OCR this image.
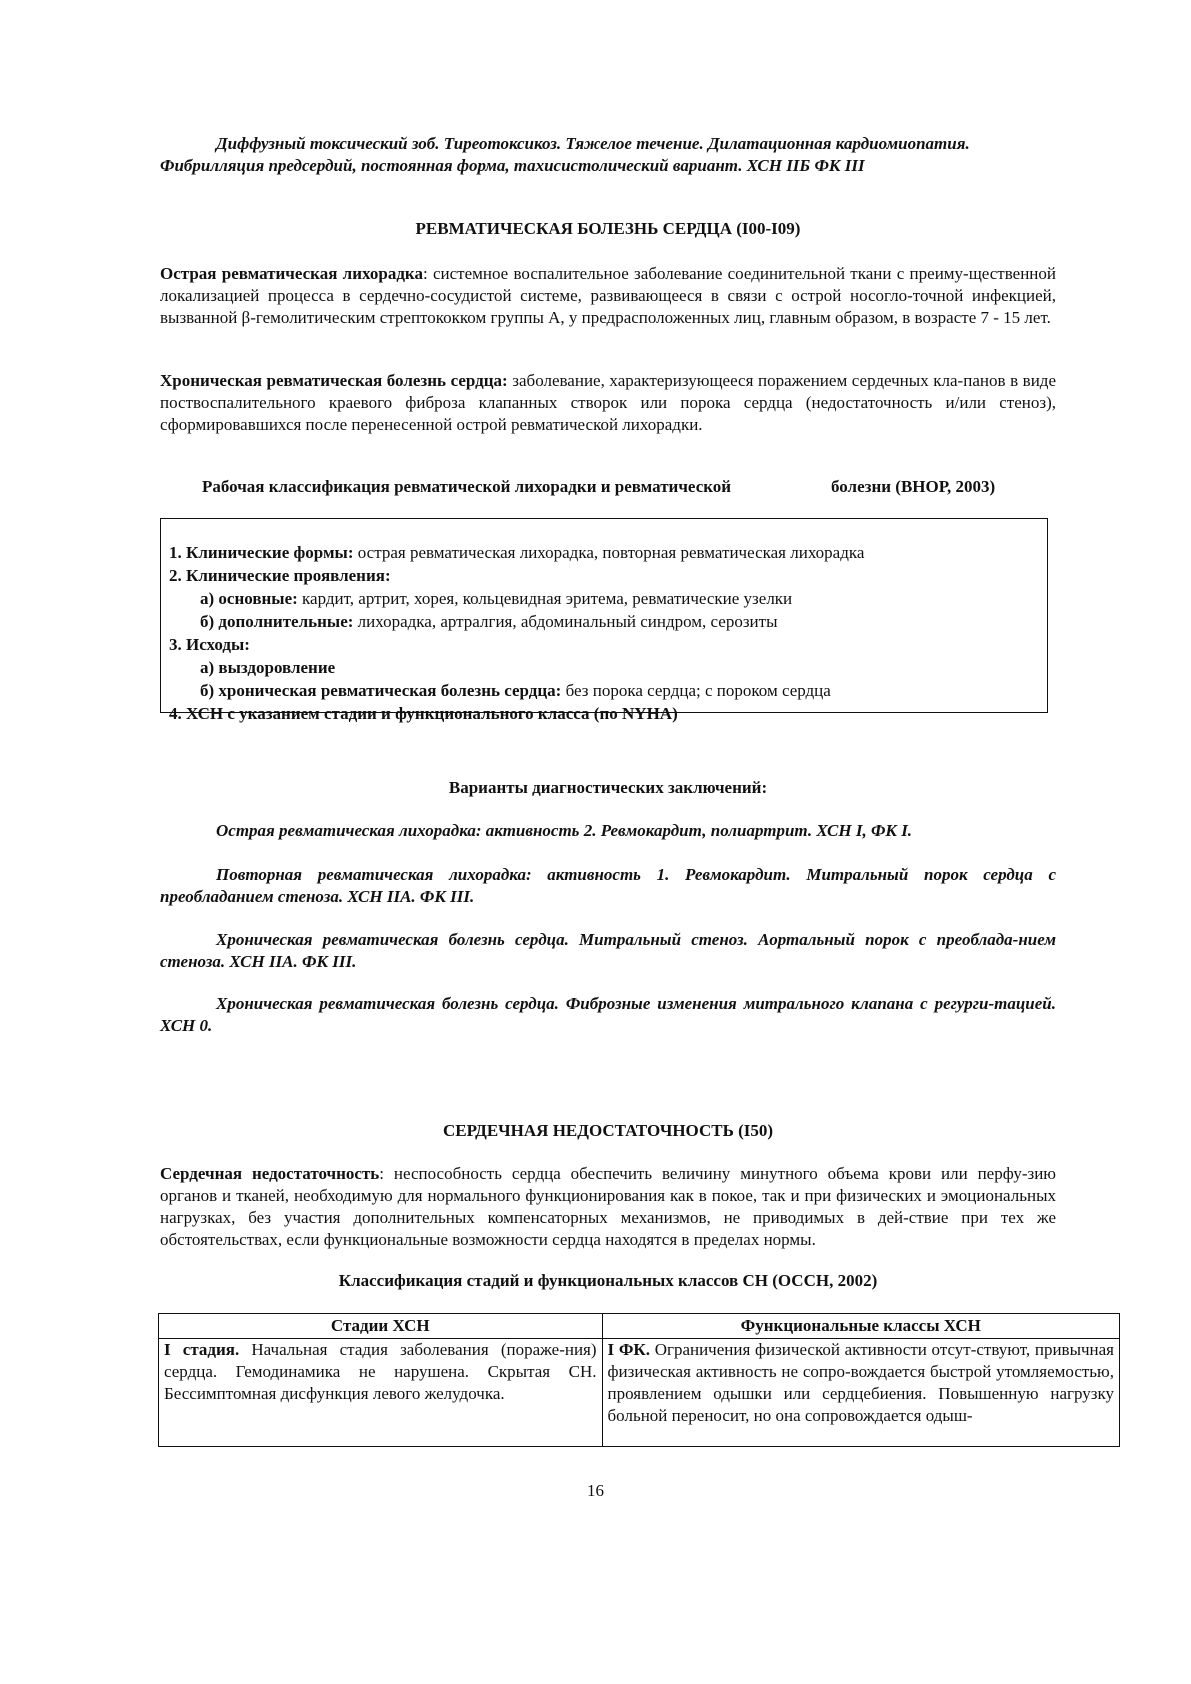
Диффузный токсический зоб. Тиреотоксикоз. Тяжелое течение. Дилатационная кардиомиопатия.
Фибрилляция предсердий, постоянная форма, тахисистолический вариант. ХСН IIБ ФК III
РЕВМАТИЧЕСКАЯ БОЛЕЗНЬ СЕРДЦА (I00-I09)
Острая ревматическая лихорадка: системное воспалительное заболевание соединительной ткани с преиму-щественной локализацией процесса в сердечно-сосудистой системе, развивающееся в связи с острой носогло-точной инфекцией, вызванной β-гемолитическим стрептококком группы А, у предрасположенных лиц, главным образом, в возрасте 7 - 15 лет.
Хроническая ревматическая болезнь сердца: заболевание, характеризующееся поражением сердечных кла-панов в виде поствоспалительного краевого фиброза клапанных створок или порока сердца (недостаточность и/или стеноз), сформировавшихся после перенесенной острой ревматической лихорадки.
Рабочая классификация ревматической лихорадки и ревматической	болезни (ВНОР, 2003)
1. Клинические формы: острая ревматическая лихорадка, повторная ревматическая лихорадка
2. Клинические проявления:
а) основные: кардит, артрит, хорея, кольцевидная эритема, ревматические узелки
б) дополнительные: лихорадка, артралгия, абдоминальный синдром, серозиты
3. Исходы:
а) выздоровление
б) хроническая ревматическая болезнь сердца: без порока сердца; с пороком сердца
4. ХСН с указанием стадии и функционального класса (по NYHA)
Варианты диагностических заключений:
Острая ревматическая лихорадка: активность 2. Ревмокардит, полиартрит. ХСН I, ФК I.
Повторная ревматическая лихорадка: активность 1. Ревмокардит. Митральный порок сердца с преобладанием стеноза. ХСН IIА. ФК III.
Хроническая ревматическая болезнь сердца. Митральный стеноз. Аортальный порок с преоблада-нием стеноза. ХСН IIА. ФК III.
Хроническая ревматическая болезнь сердца. Фиброзные изменения митрального клапана с регурги-тацией. ХСН 0.
СЕРДЕЧНАЯ НЕДОСТАТОЧНОСТЬ (I50)
Сердечная недостаточность: неспособность сердца обеспечить величину минутного объема крови или перфу-зию органов и тканей, необходимую для нормального функционирования как в покое, так и при физических и эмоциональных нагрузках, без участия дополнительных компенсаторных механизмов, не приводимых в дей-ствие при тех же обстоятельствах, если функциональные возможности сердца находятся в пределах нормы.
Классификация стадий и функциональных классов СН (ОССН, 2002)
Стадии ХСН	Функциональные классы ХСН
I стадия. Начальная стадия заболевания (пораже-ния) сердца. Гемодинамика не нарушена. Скрытая СН. Бессимптомная дисфункция левого желудочка.	I ФК. Ограничения физической активности отсут-ствуют, привычная физическая активность не сопро-вождается быстрой утомляемостью, проявлением одышки или сердцебиения. Повышенную нагрузку больной переносит, но она сопровождается одыш-
16
